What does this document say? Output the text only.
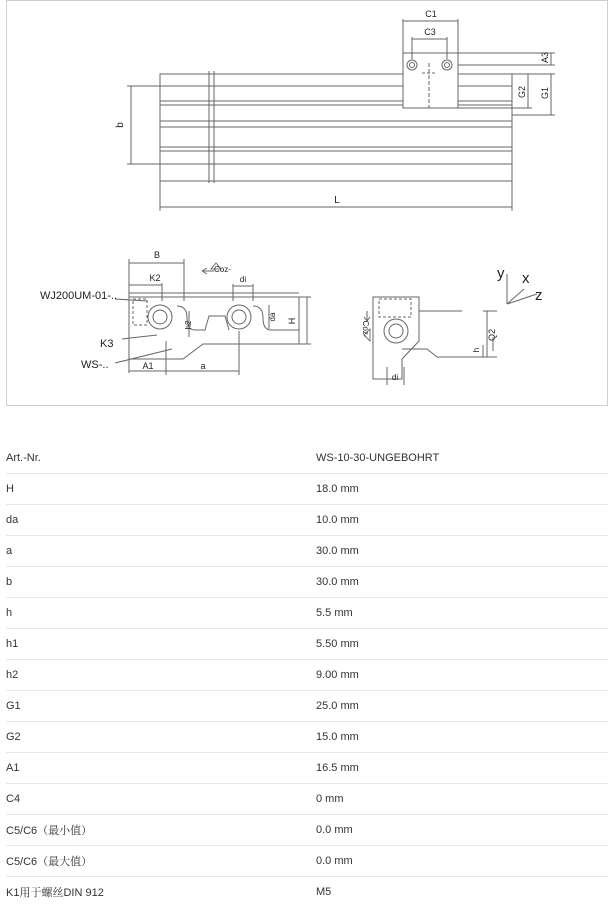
C1
C3
A3
G1
G2
b
L
B
K2
Coz-
di
h2
da H
WJ200UM-01-..
K3
WS-..	A1	a
Coz-	Q2
h
di
y x
z
Art.-Nr.	WS-10-30-UNGEBOHRT
H	18.0 mm
da	10.0 mm
a	30.0 mm
b	30.0 mm
h	5.5 mm
h1	5.50 mm
h2	9.00 mm
G1	25.0 mm
G2	15.0 mm
A1	16.5 mm
C4	0 mm
C5/C6（最小值）	0.0 mm
C5/C6（最大值）	0.0 mm
K1用于螺丝DIN 912	M5
